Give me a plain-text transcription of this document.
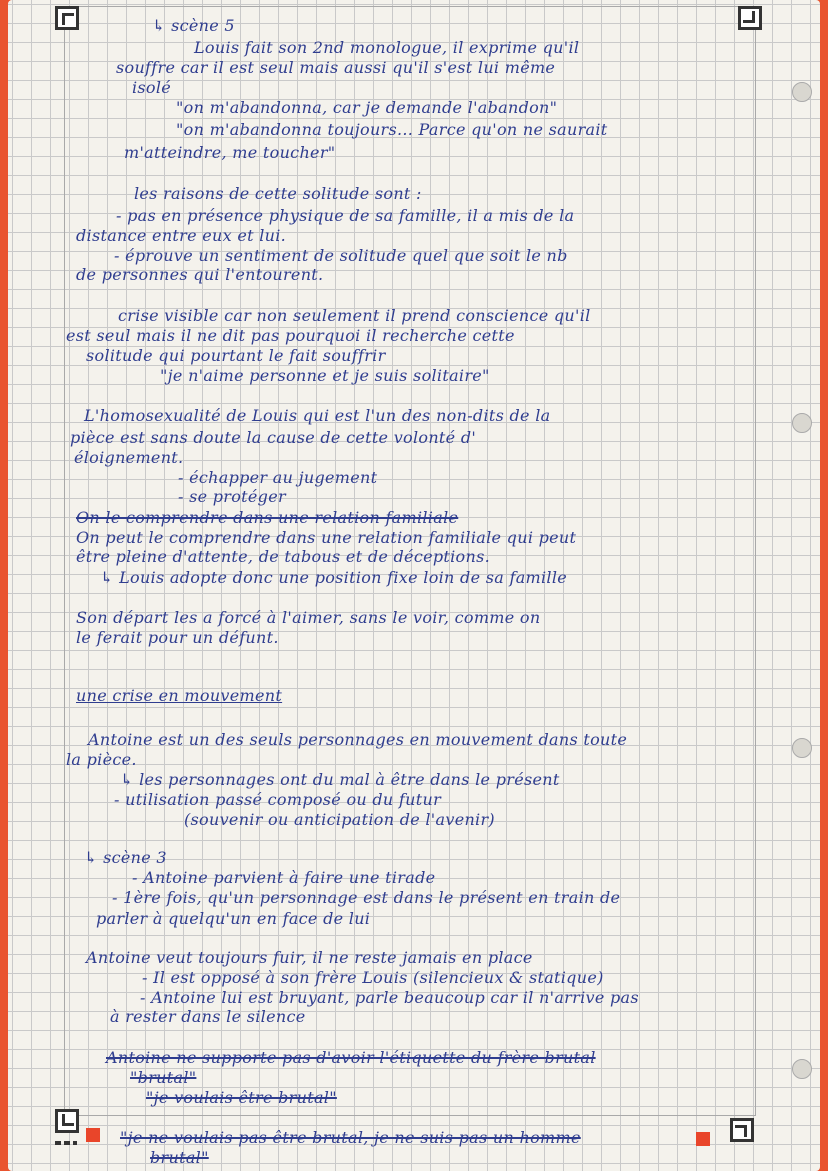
↳ scène 5

Louis fait son 2nd monologue, il exprime qu'il

souffre car il est seul mais aussi qu'il s'est lui même

isolé

"on m'abandonna, car je demande l'abandon"

"on m'abandonna toujours... Parce qu'on ne saurait

m'atteindre, me toucher"

les raisons de cette solitude sont :

- pas en présence physique de sa famille, il a mis de la

distance entre eux et lui.

- éprouve un sentiment de solitude quel que soit le nb

de personnes qui l'entourent.

crise visible car non seulement il prend conscience qu'il

est seul mais il ne dit pas pourquoi il recherche cette

solitude qui pourtant le fait souffrir

"je n'aime personne et je suis solitaire"

L'homosexualité de Louis qui est l'un des non-dits de la

pièce est sans doute la cause de cette volonté d'

éloignement.

- échapper au jugement

- se protéger

On le comprendre dans une relation familiale

On peut le comprendre dans une relation familiale qui peut

être pleine d'attente, de tabous et de déceptions.

↳ Louis adopte donc une position fixe loin de sa famille

Son départ les a forcé à l'aimer, sans le voir, comme on

le ferait pour un défunt.

une crise en mouvement

Antoine est un des seuls personnages en mouvement dans toute

la pièce.

↳ les personnages ont du mal à être dans le présent

- utilisation passé composé ou du futur

(souvenir ou anticipation de l'avenir)

↳ scène 3

- Antoine parvient à faire une tirade

- 1ère fois, qu'un personnage est dans le présent en train de

parler à quelqu'un en face de lui

Antoine veut toujours fuir, il ne reste jamais en place

- Il est opposé à son frère Louis (silencieux & statique)

- Antoine lui est bruyant, parle beaucoup car il n'arrive pas

à rester dans le silence

Antoine ne supporte pas d'avoir l'étiquette du frère brutal

"brutal"

"je voulais être brutal"

"je ne voulais pas être brutal, je ne suis pas un homme

brutal"
